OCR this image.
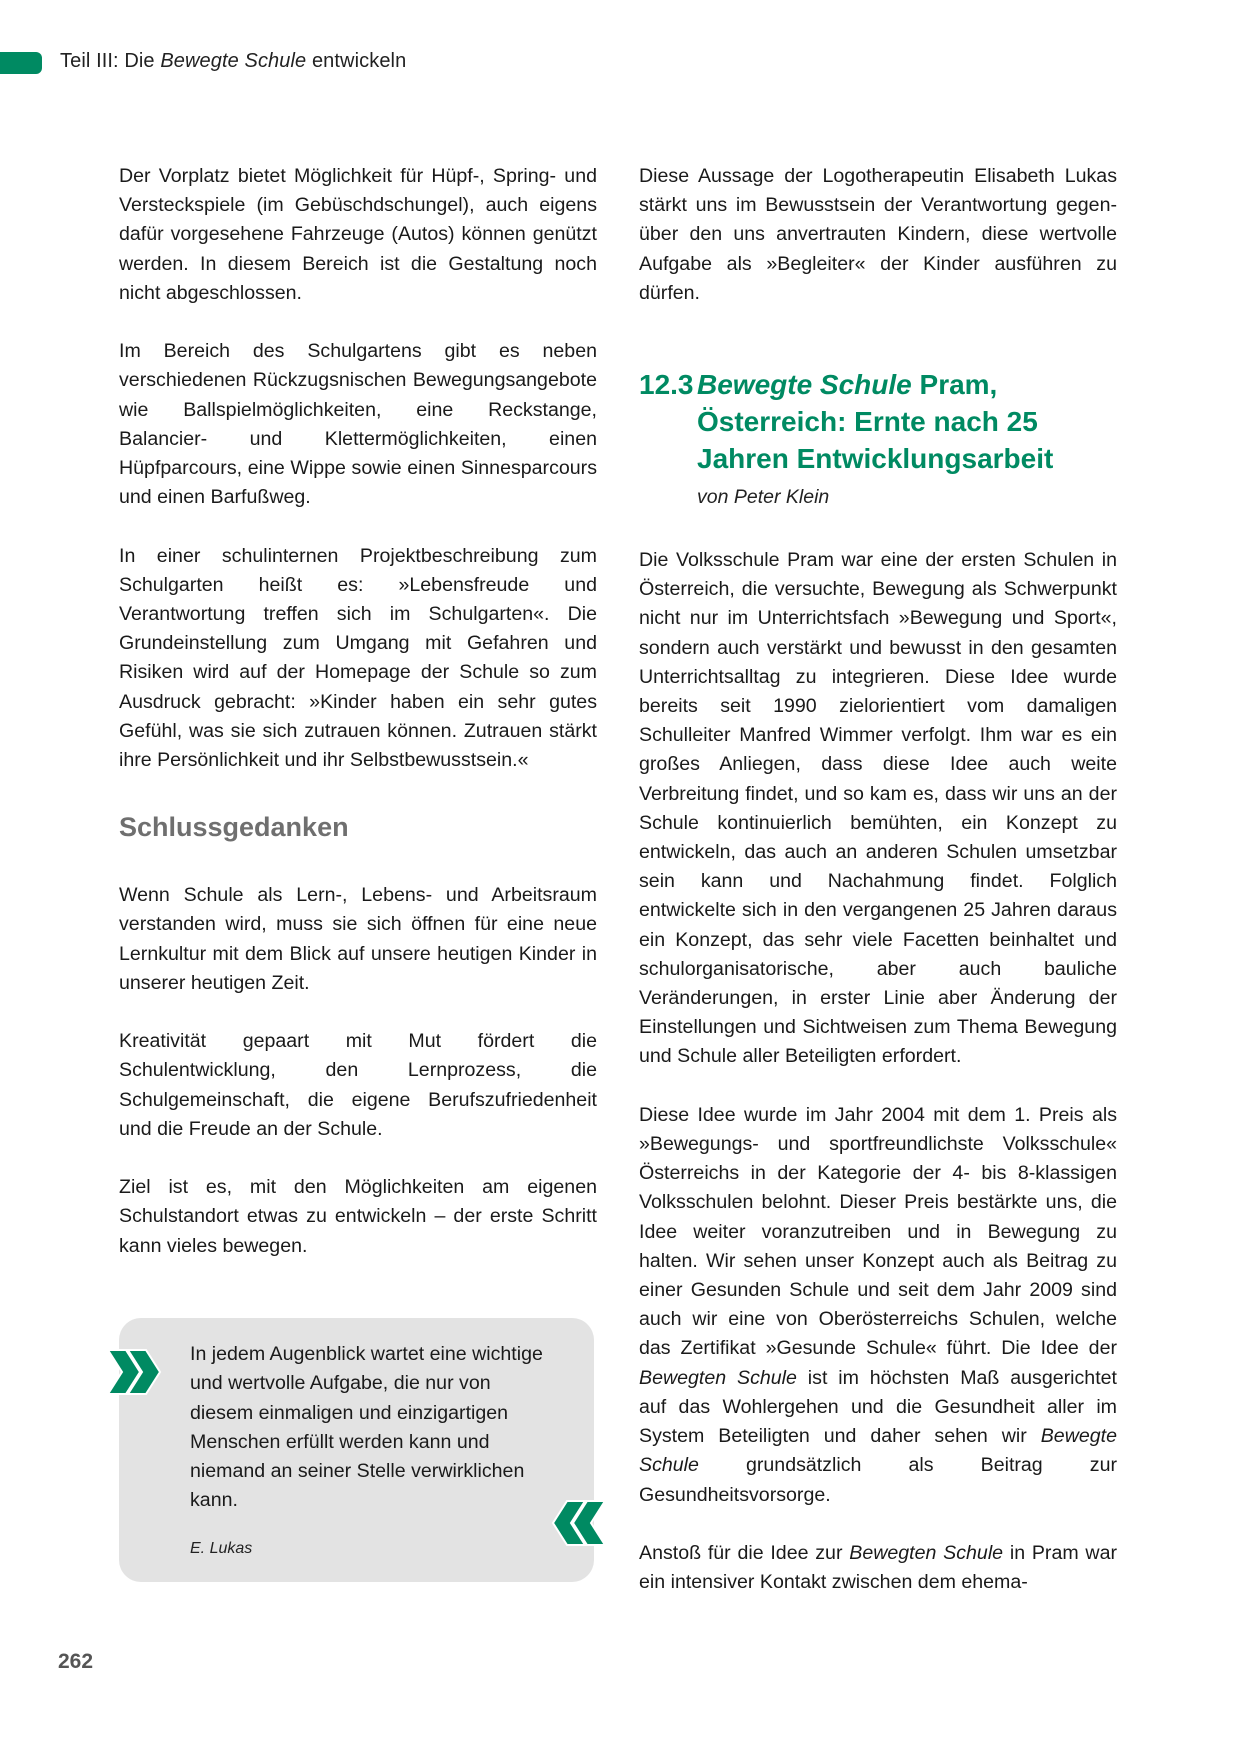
Teil III: Die Bewegte Schule entwickeln

Der Vorplatz bietet Möglichkeit für Hüpf-, Spring- und Versteckspiele (im Gebüschdschungel), auch eigens dafür vorgesehene Fahrzeuge (Autos) können genützt werden. In diesem Bereich ist die Gestaltung noch nicht abgeschlossen.

Im Bereich des Schulgartens gibt es neben verschiedenen Rückzugsnischen Bewegungsangebote wie Ballspielmöglichkeiten, eine Reckstange, Balancier- und Klettermöglichkeiten, einen Hüpfparcours, eine Wippe sowie einen Sinnesparcours und einen Barfußweg.

In einer schulinternen Projektbeschreibung zum Schulgarten heißt es: »Lebensfreude und Verantwortung treffen sich im Schulgarten«. Die Grundeinstellung zum Umgang mit Gefahren und Risiken wird auf der Homepage der Schule so zum Ausdruck gebracht: »Kinder haben ein sehr gutes Gefühl, was sie sich zutrauen können. Zutrauen stärkt ihre Persönlichkeit und ihr Selbstbewusstsein.«

Schlussgedanken

Wenn Schule als Lern-, Lebens- und Arbeitsraum verstanden wird, muss sie sich öffnen für eine neue Lernkultur mit dem Blick auf unsere heutigen Kinder in unserer heutigen Zeit.

Kreativität gepaart mit Mut fördert die Schulentwicklung, den Lernprozess, die Schulgemeinschaft, die eigene Berufszufriedenheit und die Freude an der Schule.

Ziel ist es, mit den Möglichkeiten am eigenen Schulstandort etwas zu entwickeln – der erste Schritt kann vieles bewegen.

In jedem Augenblick wartet eine wichtige und wertvolle Aufgabe, die nur von diesem einmaligen und einzigartigen Menschen erfüllt werden kann und niemand an seiner Stelle verwirklichen kann.
E. Lukas

Diese Aussage der Logotherapeutin Elisabeth Lukas stärkt uns im Bewusstsein der Verantwortung gegen-über den uns anvertrauten Kindern, diese wertvolle Aufgabe als »Begleiter« der Kinder ausführen zu dürfen.

12.3 Bewegte Schule Pram, Österreich: Ernte nach 25 Jahren Entwicklungsarbeit
von Peter Klein

Die Volksschule Pram war eine der ersten Schulen in Österreich, die versuchte, Bewegung als Schwerpunkt nicht nur im Unterrichtsfach »Bewegung und Sport«, sondern auch verstärkt und bewusst in den gesamten Unterrichtsalltag zu integrieren. Diese Idee wurde bereits seit 1990 zielorientiert vom damaligen Schulleiter Manfred Wimmer verfolgt. Ihm war es ein großes Anliegen, dass diese Idee auch weite Verbreitung findet, und so kam es, dass wir uns an der Schule kontinuierlich bemühten, ein Konzept zu entwickeln, das auch an anderen Schulen umsetzbar sein kann und Nachahmung findet. Folglich entwickelte sich in den vergangenen 25 Jahren daraus ein Konzept, das sehr viele Facetten beinhaltet und schulorganisatorische, aber auch bauliche Veränderungen, in erster Linie aber Änderung der Einstellungen und Sichtweisen zum Thema Bewegung und Schule aller Beteiligten erfordert.

Diese Idee wurde im Jahr 2004 mit dem 1. Preis als »Bewegungs- und sportfreundlichste Volksschule« Österreichs in der Kategorie der 4- bis 8-klassigen Volksschulen belohnt. Dieser Preis bestärkte uns, die Idee weiter voranzutreiben und in Bewegung zu halten. Wir sehen unser Konzept auch als Beitrag zu einer Gesunden Schule und seit dem Jahr 2009 sind auch wir eine von Oberösterreichs Schulen, welche das Zertifikat »Gesunde Schule« führt. Die Idee der Bewegten Schule ist im höchsten Maß ausgerichtet auf das Wohlergehen und die Gesundheit aller im System Beteiligten und daher sehen wir Bewegte Schule grundsätzlich als Beitrag zur Gesundheitsvorsorge.

Anstoß für die Idee zur Bewegten Schule in Pram war ein intensiver Kontakt zwischen dem ehema-

262
